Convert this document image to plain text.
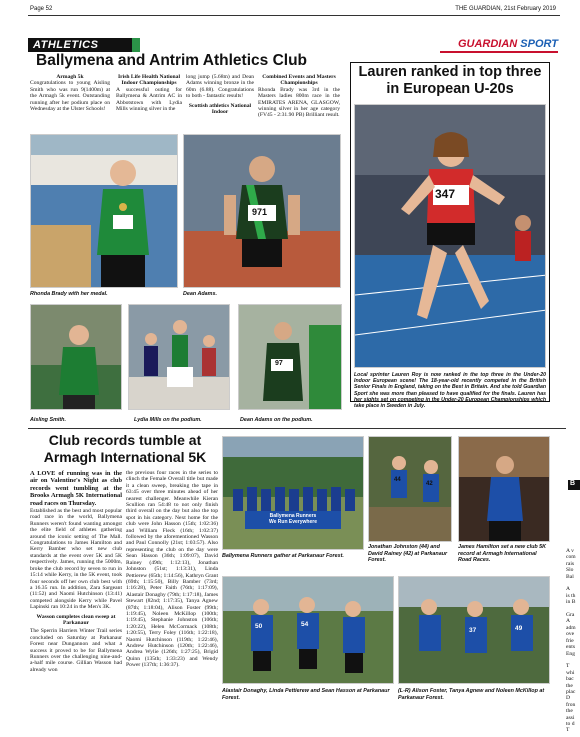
Page 52	THE GUARDIAN, 21st February 2019
ATHLETICS	GUARDIAN SPORT
Ballymena and Antrim Athletics Club
Armagh 5k
Congratulations to young Aisling Smith who was run 9(1400m) at the Armagh 5k event. Outstanding running after her podium place on Wednesday at the Ulster Schools!
Irish Life Health National Indoor Championships
A successful outing for Ballymena & Antrim AC in Abbotstown with Lydia Mills winning silver in the
long jump (5.68m) and Dean Adams winning bronze in the 60m (6.88). Congratulations to both - fantastic results!
Scottish athletics National Indoor
Combined Events and Masters Championships
Rhonda Brady was 3rd in the Masters ladies 800m race in the EMIRATES ARENA, GLASGOW, winning silver in her age category (FV45 - 2:31.90 PB) Brilliant result.
Rhonda Brady with her medal.
971
Dean Adams.
Aisling Smith.	Lydia Mills on the podium.
97
Dean Adams on the podium.
Lauren ranked in top three in European U-20s
347
Local sprinter Lauren Roy is now ranked in the top three in the Under-20 Indoor European scene! The 18-year-old recently competed in the British Senior Finals in England, taking on the Best in Britain. And she told Guardian Sport she was more than pleased to have qualified for the finals. Lauren has her sights set on competing in the Under-20 European Championships which take place in Sweden in July.
Club records tumble at Armagh International 5K
A LOVE of running was in the air on Valentine's Night as club records went tumbling at the Brooks Armagh 5K International road races on Thursday.
Established as the best and most popular road race in the world, Ballymena Runners weren't found wanting amongst the elite field of athletes gathering around the iconic setting of The Mall. Congratulations to James Hamilton and Kerry Bamber who set new club standards at the event over 5K and 5K respectively. James, running the 5000m, broke the club record by seven to run in 15:14 while Kerry, in the 5K event, took four seconds off her own club best with a 16.35 run. In addition, Zara Sargeant (11:52) and Naomi Hutchinson (13:41) competed alongside Kerry while Pavel Lapinski ran 10:24 in the Men's 3K.
Wasson completes clean sweep at Parkanaur
The Sperrin Harriers Winter Trail series concluded on Saturday at Parkanaur Forest near Dungannon and what a success it proved to be for Ballymena Runners over the challenging nine-and-a-half mile course. Gillian Wasson had already won
the previous four races in the series to clinch the Female Overall title but made it a clean sweep, breaking the tape in 63:45 over three minutes ahead of her nearest challenger. Meanwhile Kieran Scullion ran 54:48 to not only finish third overall on the day but also the top spot in his category. Next home for the club were John Hasson (15th; 1:02:36) and William Fleck (16th; 1:02:37) followed by the aforementioned Wasson and Paul Connolly (21st; 1:03:57). Also representing the club on the day were Sean Hasson (36th; 1:09:07), David Rainey (49th; 1:12:13), Jonathan Johnston (51st; 1:13:31), Linda Pettierew (65th; 1:14:56), Kathryn Grant (69th; 1:15:50), Billy Bamber (73rd; 1:16:28), Peter Faith (76th; 1:17:09), Alastair Donaghy (79th; 1:17:18), James Stewart (82nd; 1:17:35), Tanya Agnew (87th; 1:18:04), Alison Foster (99th; 1:19:45), Noleen McKillop (100th; 1:19:45), Stephanie Johnston (106th; 1:20:22), Helen McCormack (108th; 1:20:55), Terry Foley (116th; 1:22:18), Naomi Hutchinson (119th; 1:22:46), Andrew Hutchinson (120th; 1:22:46), Andrea Wylie (126th; 1:27:25), Brigid Quinn (135th; 1:33:23) and Wendy Power (137th; 1:36:37).
Ballymena Runners
We Run Everywhere
Ballymena Runners gather at Parkanaur Forest.
44
42
Jonathan Johnston (44) and David Rainey (42) at Parkanaur Forest.
James Hamilton set a new club 5K record at Armagh International Road Races.
50	54
Alastair Donaghy, Linda Pettierew and Sean Hasson at Parkanaur Forest.
37	49
(L-R) Alison Foster, Tanya Agnew and Noleen McKillop at Parkanaur Forest.
B
A v
com
rais
Slo
Bal

A
is th
in B

Gra
A
adm
ove
frie
ents
Eng

T
whi
bac
the
plac
D
fron
the
assi
to d
T
